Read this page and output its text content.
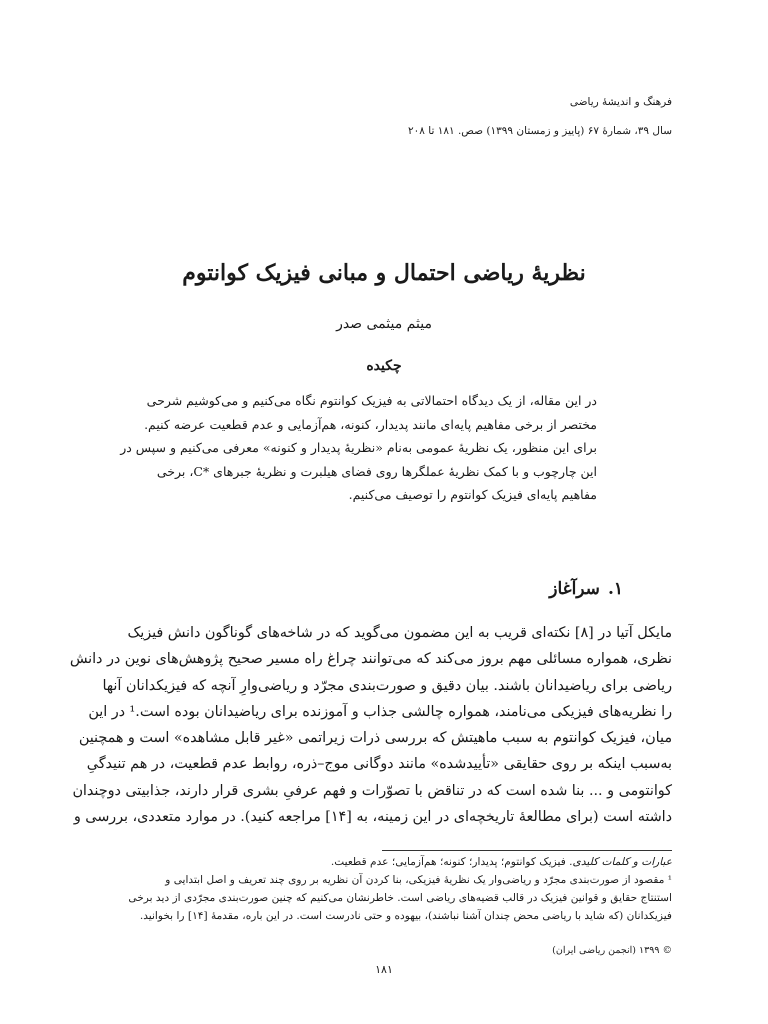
فرهنگ و اندیشهٔ ریاضی
سال ۳۹، شمارهٔ ۶۷ (پاییز و زمستان ۱۳۹۹) صص. ۱۸۱ تا ۲۰۸
نظریهٔ ریاضی احتمال و مبانی فیزیک کوانتوم
میثم میثمی صدر
چکیده
در این مقاله، از یک دیدگاه احتمالاتی به فیزیک کوانتوم نگاه می‌کنیم و می‌کوشیم شرحی
مختصر از برخی مفاهیم پایه‌ای مانند پدیدار، کنونه، هم‌آزمایی و عدم قطعیت عرضه کنیم.
برای این منظور، یک نظریهٔ عمومی به‌نام «نظریهٔ پدیدار و کنونه» معرفی می‌کنیم و سپس در
این چارچوب و با کمک نظریهٔ عملگرها روی فضای هیلبرت و نظریهٔ جبرهای *C، برخی
مفاهیم پایه‌ای فیزیک کوانتوم را توصیف می‌کنیم.
۱.سرآغاز
مایکل آتیا در [۸] نکته‌ای قریب به این مضمون می‌گوید که در شاخه‌های گوناگون دانش فیزیک
نظری، همواره مسائلی مهم بروز می‌کند که می‌توانند چراغ راه مسیر صحیح پژوهش‌های نوین در دانش
ریاضی برای ریاضیدانان باشند. بیان دقیق و صورت‌بندی مجرّد و ریاضی‌وارِ آنچه که فیزیکدانان آنها
را نظریه‌های فیزیکی می‌نامند، همواره چالشی جذاب و آموزنده برای ریاضیدانان بوده است.¹ در این
میان، فیزیک کوانتوم به سبب ماهیتش که بررسی ذرات زیراتمی «غیر قابل مشاهده» است و همچنین
به‌سبب اینکه بر روی حقایقی «تأییدشده» مانند دوگانی موج–ذره، روابط عدم قطعیت، در هم تنیدگیِ
کوانتومی و ... بنا شده است که در تناقض با تصوّرات و فهم عرفیِ بشری قرار دارند، جذابیتی دوچندان
داشته است (برای مطالعهٔ تاریخچه‌ای در این زمینه، به [۱۴] مراجعه کنید). در موارد متعددی، بررسی و
عبارات و کلمات کلیدی. فیزیک کوانتوم؛ پدیدار؛ کنونه؛ هم‌آزمایی؛ عدم قطعیت.
¹ مقصود از صورت‌بندی مجرّد و ریاضی‌وار یک نظریهٔ فیزیکی، بنا کردن آن نظریه بر روی چند تعریف و اصل ابتدایی و
استنتاج حقایق و قوانین فیزیک در قالب قضیه‌های ریاضی است. خاطرنشان می‌کنیم که چنین صورت‌بندی مجرّدی از دید برخی
فیزیکدانان (که شاید با ریاضی محض چندان آشنا نباشند)، بیهوده و حتی نادرست است. در این باره، مقدمهٔ [۱۴] را بخوانید.
© ۱۳۹۹ (انجمن ریاضی ایران)
۱۸۱
